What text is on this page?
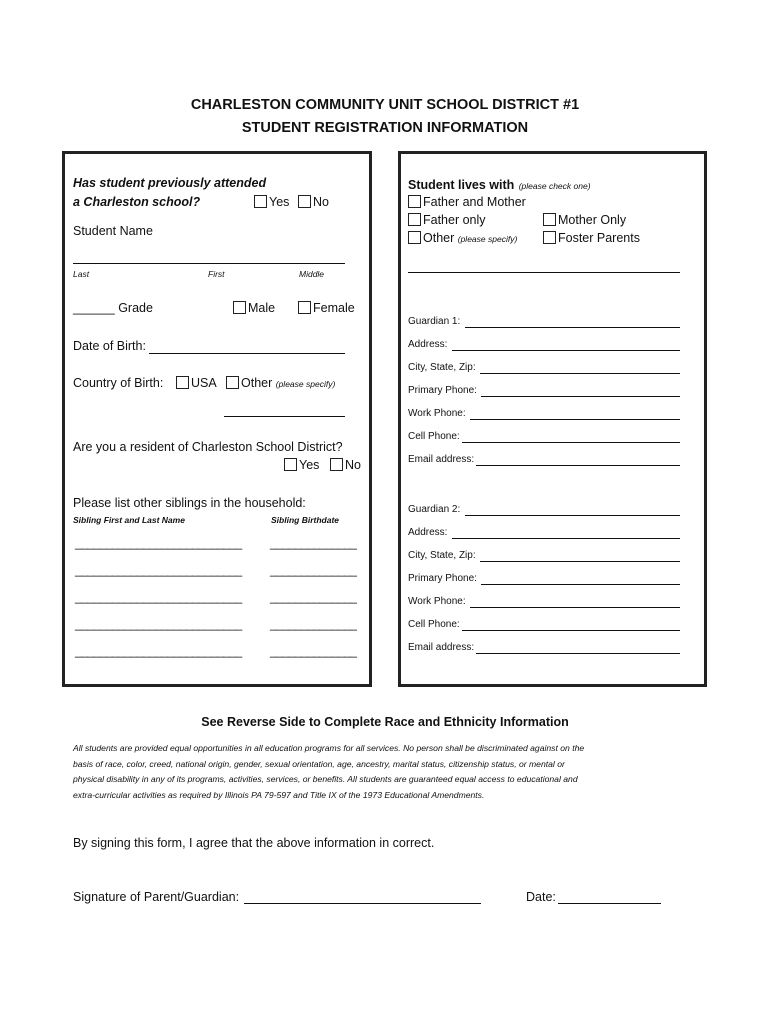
CHARLESTON COMMUNITY UNIT SCHOOL DISTRICT #1
STUDENT REGISTRATION INFORMATION
Has student previously attended
a Charleston school?	Yes	No
Student Name
Last	First	Middle
______ Grade	Male	Female
Date of Birth:
Country of Birth:	USA	Other (please specify)
Are you a resident of Charleston School District?
Yes	No
Please list other siblings in the household:
Sibling First and Last Name	Sibling Birthdate
___________________________ ______________
___________________________ ______________
___________________________ ______________
___________________________ ______________
___________________________ ______________
Student lives with (please check one)
Father and Mother
Father only	Mother Only
Other (please specify)	Foster Parents
Guardian 1:
Address:
City, State, Zip:
Primary Phone:
Work Phone:
Cell Phone:
Email address:
Guardian 2:
Address:
City, State, Zip:
Primary Phone:
Work Phone:
Cell Phone:
Email address:
See Reverse Side to Complete Race and Ethnicity Information
All students are provided equal opportunities in all education programs for all services. No person shall be discriminated against on the
basis of race, color, creed, national origin, gender, sexual orientation, age, ancestry, marital status, citizenship status, or mental or
physical disability in any of its programs, activities, services, or benefits. All students are guaranteed equal access to educational and
extra-curricular activities as required by Illinois PA 79-597 and Title IX of the 1973 Educational Amendments.
By signing this form, I agree that the above information in correct.
Signature of Parent/Guardian:	Date:
